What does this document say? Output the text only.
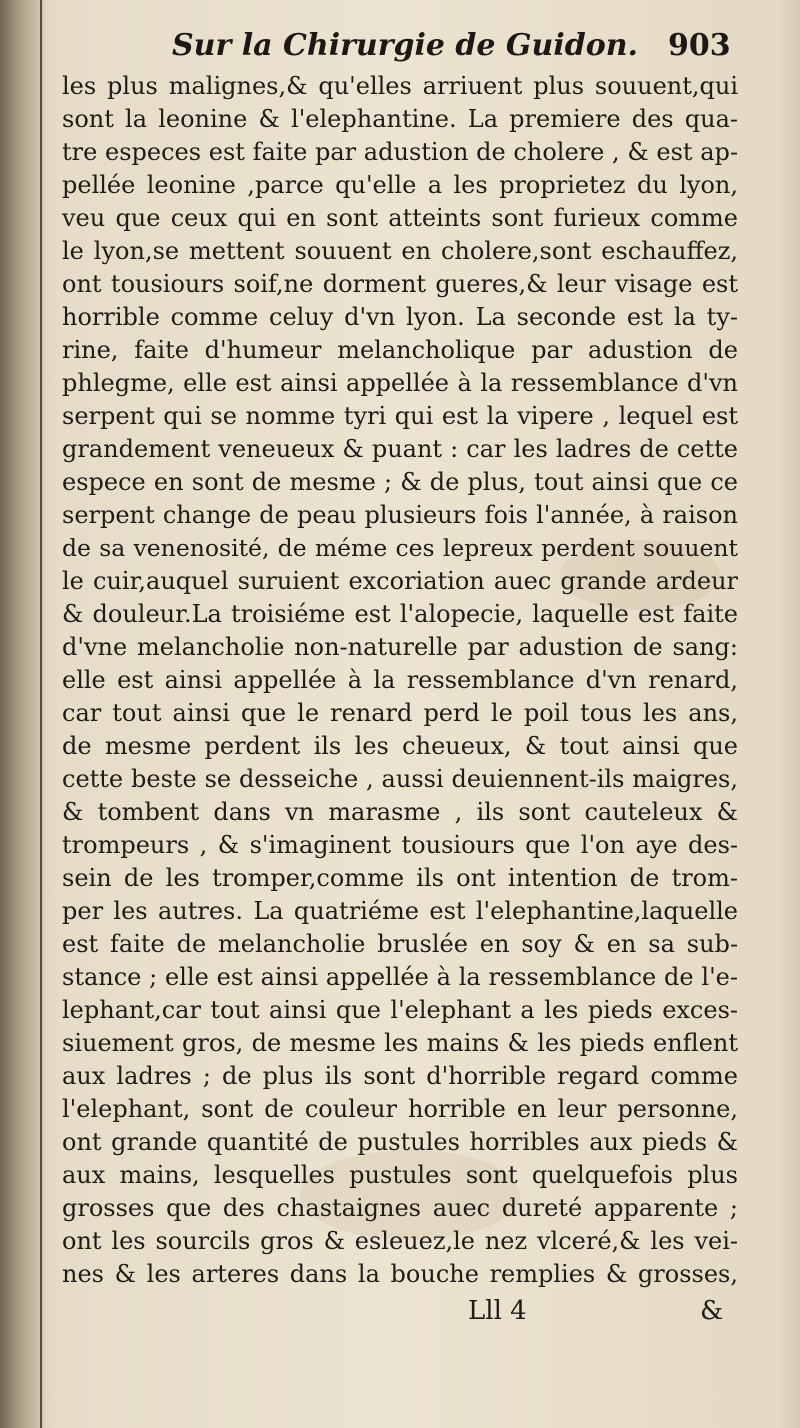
Sur la Chirurgie de Guidon. 903
les plus malignes,& qu'elles arriuent plus souuent,qui
sont la leonine & l'elephantine. La premiere des qua-
tre especes est faite par adustion de cholere , & est ap-
pellée leonine ,parce qu'elle a les proprietez du lyon,
veu que ceux qui en sont atteints sont furieux comme
le lyon,se mettent souuent en cholere,sont eschauffez,
ont tousiours soif,ne dorment gueres,& leur visage est
horrible comme celuy d'vn lyon. La seconde est la ty-
rine, faite d'humeur melancholique par adustion de
phlegme, elle est ainsi appellée à la ressemblance d'vn
serpent qui se nomme tyri qui est la vipere , lequel est
grandement veneueux & puant : car les ladres de cette
espece en sont de mesme ; & de plus, tout ainsi que ce
serpent change de peau plusieurs fois l'année, à raison
de sa venenosité, de méme ces lepreux perdent souuent
le cuir,auquel suruient excoriation auec grande ardeur
& douleur.La troisiéme est l'alopecie, laquelle est faite
d'vne melancholie non-naturelle par adustion de sang:
elle est ainsi appellée à la ressemblance d'vn renard,
car tout ainsi que le renard perd le poil tous les ans,
de mesme perdent ils les cheueux, & tout ainsi que
cette beste se desseiche , aussi deuiennent-ils maigres,
& tombent dans vn marasme , ils sont cauteleux &
trompeurs , & s'imaginent tousiours que l'on aye des-
sein de les tromper,comme ils ont intention de trom-
per les autres. La quatriéme est l'elephantine,laquelle
est faite de melancholie bruslée en soy & en sa sub-
stance ; elle est ainsi appellée à la ressemblance de l'e-
lephant,car tout ainsi que l'elephant a les pieds exces-
siuement gros, de mesme les mains & les pieds enflent
aux ladres ; de plus ils sont d'horrible regard comme
l'elephant, sont de couleur horrible en leur personne,
ont grande quantité de pustules horribles aux pieds &
aux mains, lesquelles pustules sont quelquefois plus
grosses que des chastaignes auec dureté apparente ;
ont les sourcils gros & esleuez,le nez vlceré,& les vei-
nes & les arteres dans la bouche remplies & grosses,
Lll 4	&
